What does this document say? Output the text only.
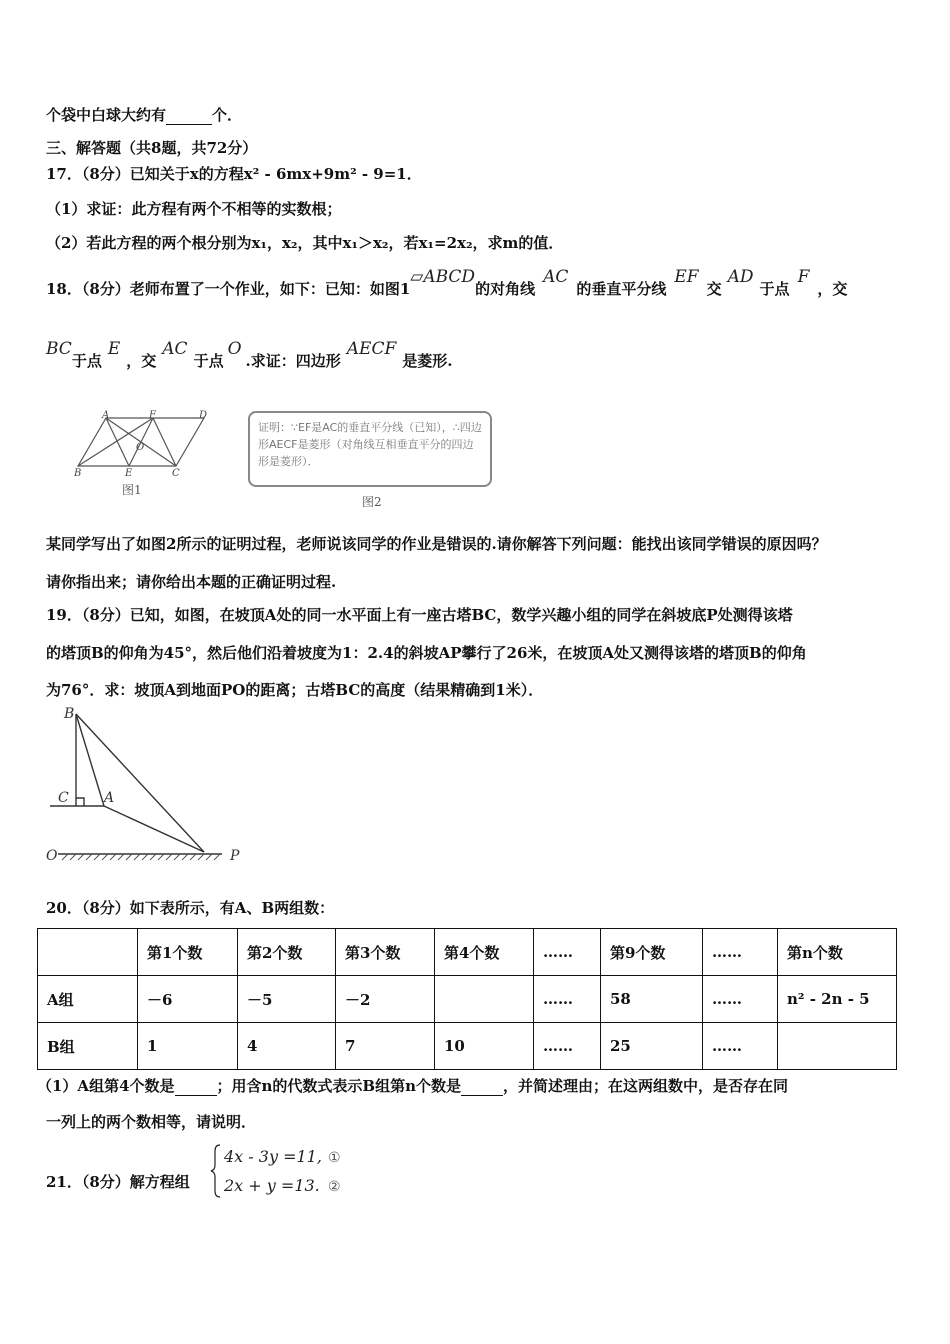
个袋中白球大约有	个．
三、解答题（共8题，共72分）
17．（8分）已知关于x的方程x² - 6mx+9m² - 9=1．
（1）求证：此方程有两个不相等的实数根；
（2）若此方程的两个根分别为x₁，x₂，其中x₁＞x₂，若x₁=2x₂，求m的值．
18．（8分）老师布置了一个作业，如下：已知：如图1▱ABCD的对角线AC的垂直平分线EF交AD于点F，交
BC于点E，交AC于点O.求证：四边形AECF是菱形.
A	F	D
B	E	C
O
图1
证明：∵EF是AC的垂直平分线（已知），∴四边形AECF是菱形（对角线互相垂直平分的四边形是菱形）．
图2
某同学写出了如图2所示的证明过程，老师说该同学的作业是错误的.请你解答下列问题：能找出该同学错误的原因吗？
请你指出来；请你给出本题的正确证明过程.
19．（8分）已知，如图，在坡顶A处的同一水平面上有一座古塔BC，数学兴趣小组的同学在斜坡底P处测得该塔
的塔顶B的仰角为45°，然后他们沿着坡度为1：2.4的斜坡AP攀行了26米，在坡顶A处又测得该塔的塔顶B的仰角
为76°．求：坡顶A到地面PO的距离；古塔BC的高度（结果精确到1米）．
B
C	A
O	P
20．（8分）如下表所示，有A、B两组数：
	第1个数	第2个数	第3个数	第4个数	……	第9个数	……	第n个数
A组	－6	－5	－2		……	58	……	n² - 2n - 5
B组	1	4	7	10	……	25	……	
（1）A组第4个数是	；用含n的代数式表示B组第n个数是	，并简述理由；在这两组数中，是否存在同
一列上的两个数相等，请说明．
21．（8分）解方程组
4x - 3y =11, ①
2x + y =13. ②
